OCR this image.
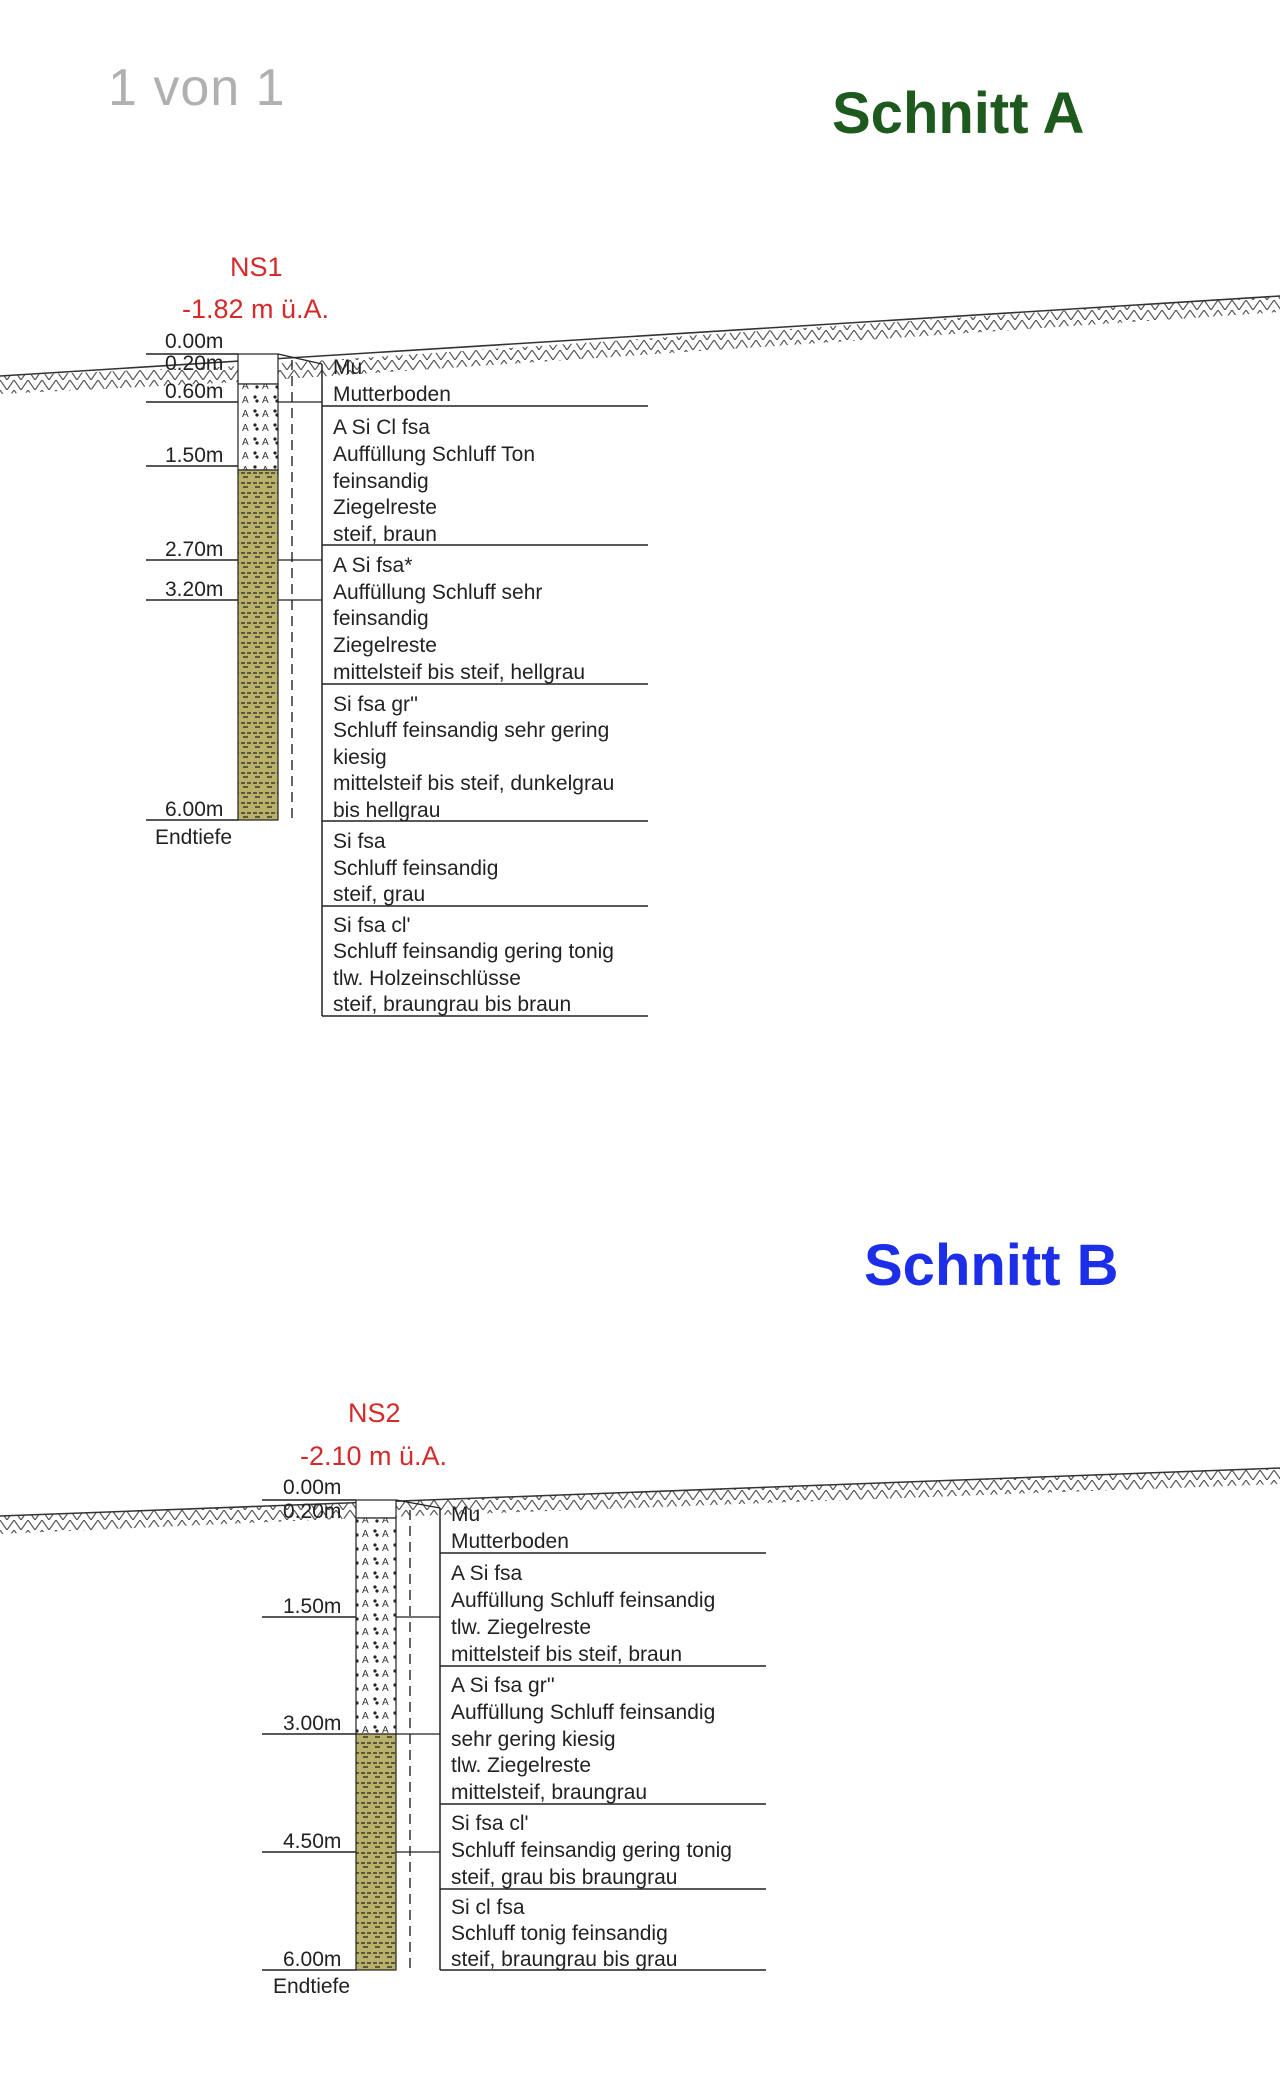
1 von 1	Schnitt A
Schnitt B
NS1
-1.82 m ü.A.
0.00m
0.20m
0.60m
1.50m
2.70m
3.20m
6.00m
Endtiefe
Mu
Mutterboden
A Si Cl fsa
Auffüllung Schluff Ton
feinsandig
Ziegelreste
steif, braun
A Si fsa*
Auffüllung Schluff sehr
feinsandig
Ziegelreste
mittelsteif bis steif, hellgrau
Si fsa gr''
Schluff feinsandig sehr gering
kiesig
mittelsteif bis steif, dunkelgrau
bis hellgrau
Si fsa
Schluff feinsandig
steif, grau
Si fsa cl'
Schluff feinsandig gering tonig
tlw. Holzeinschlüsse
steif, braungrau bis braun
NS2
-2.10 m ü.A.
0.00m
0.20m
1.50m
3.00m
4.50m
6.00m
Endtiefe
Mu
Mutterboden
A Si fsa
Auffüllung Schluff feinsandig
tlw. Ziegelreste
mittelsteif bis steif, braun
A Si fsa gr''
Auffüllung Schluff feinsandig
sehr gering kiesig
tlw. Ziegelreste
mittelsteif, braungrau
Si fsa cl'
Schluff feinsandig gering tonig
steif, grau bis braungrau
Si cl fsa
Schluff tonig feinsandig
steif, braungrau bis grau
